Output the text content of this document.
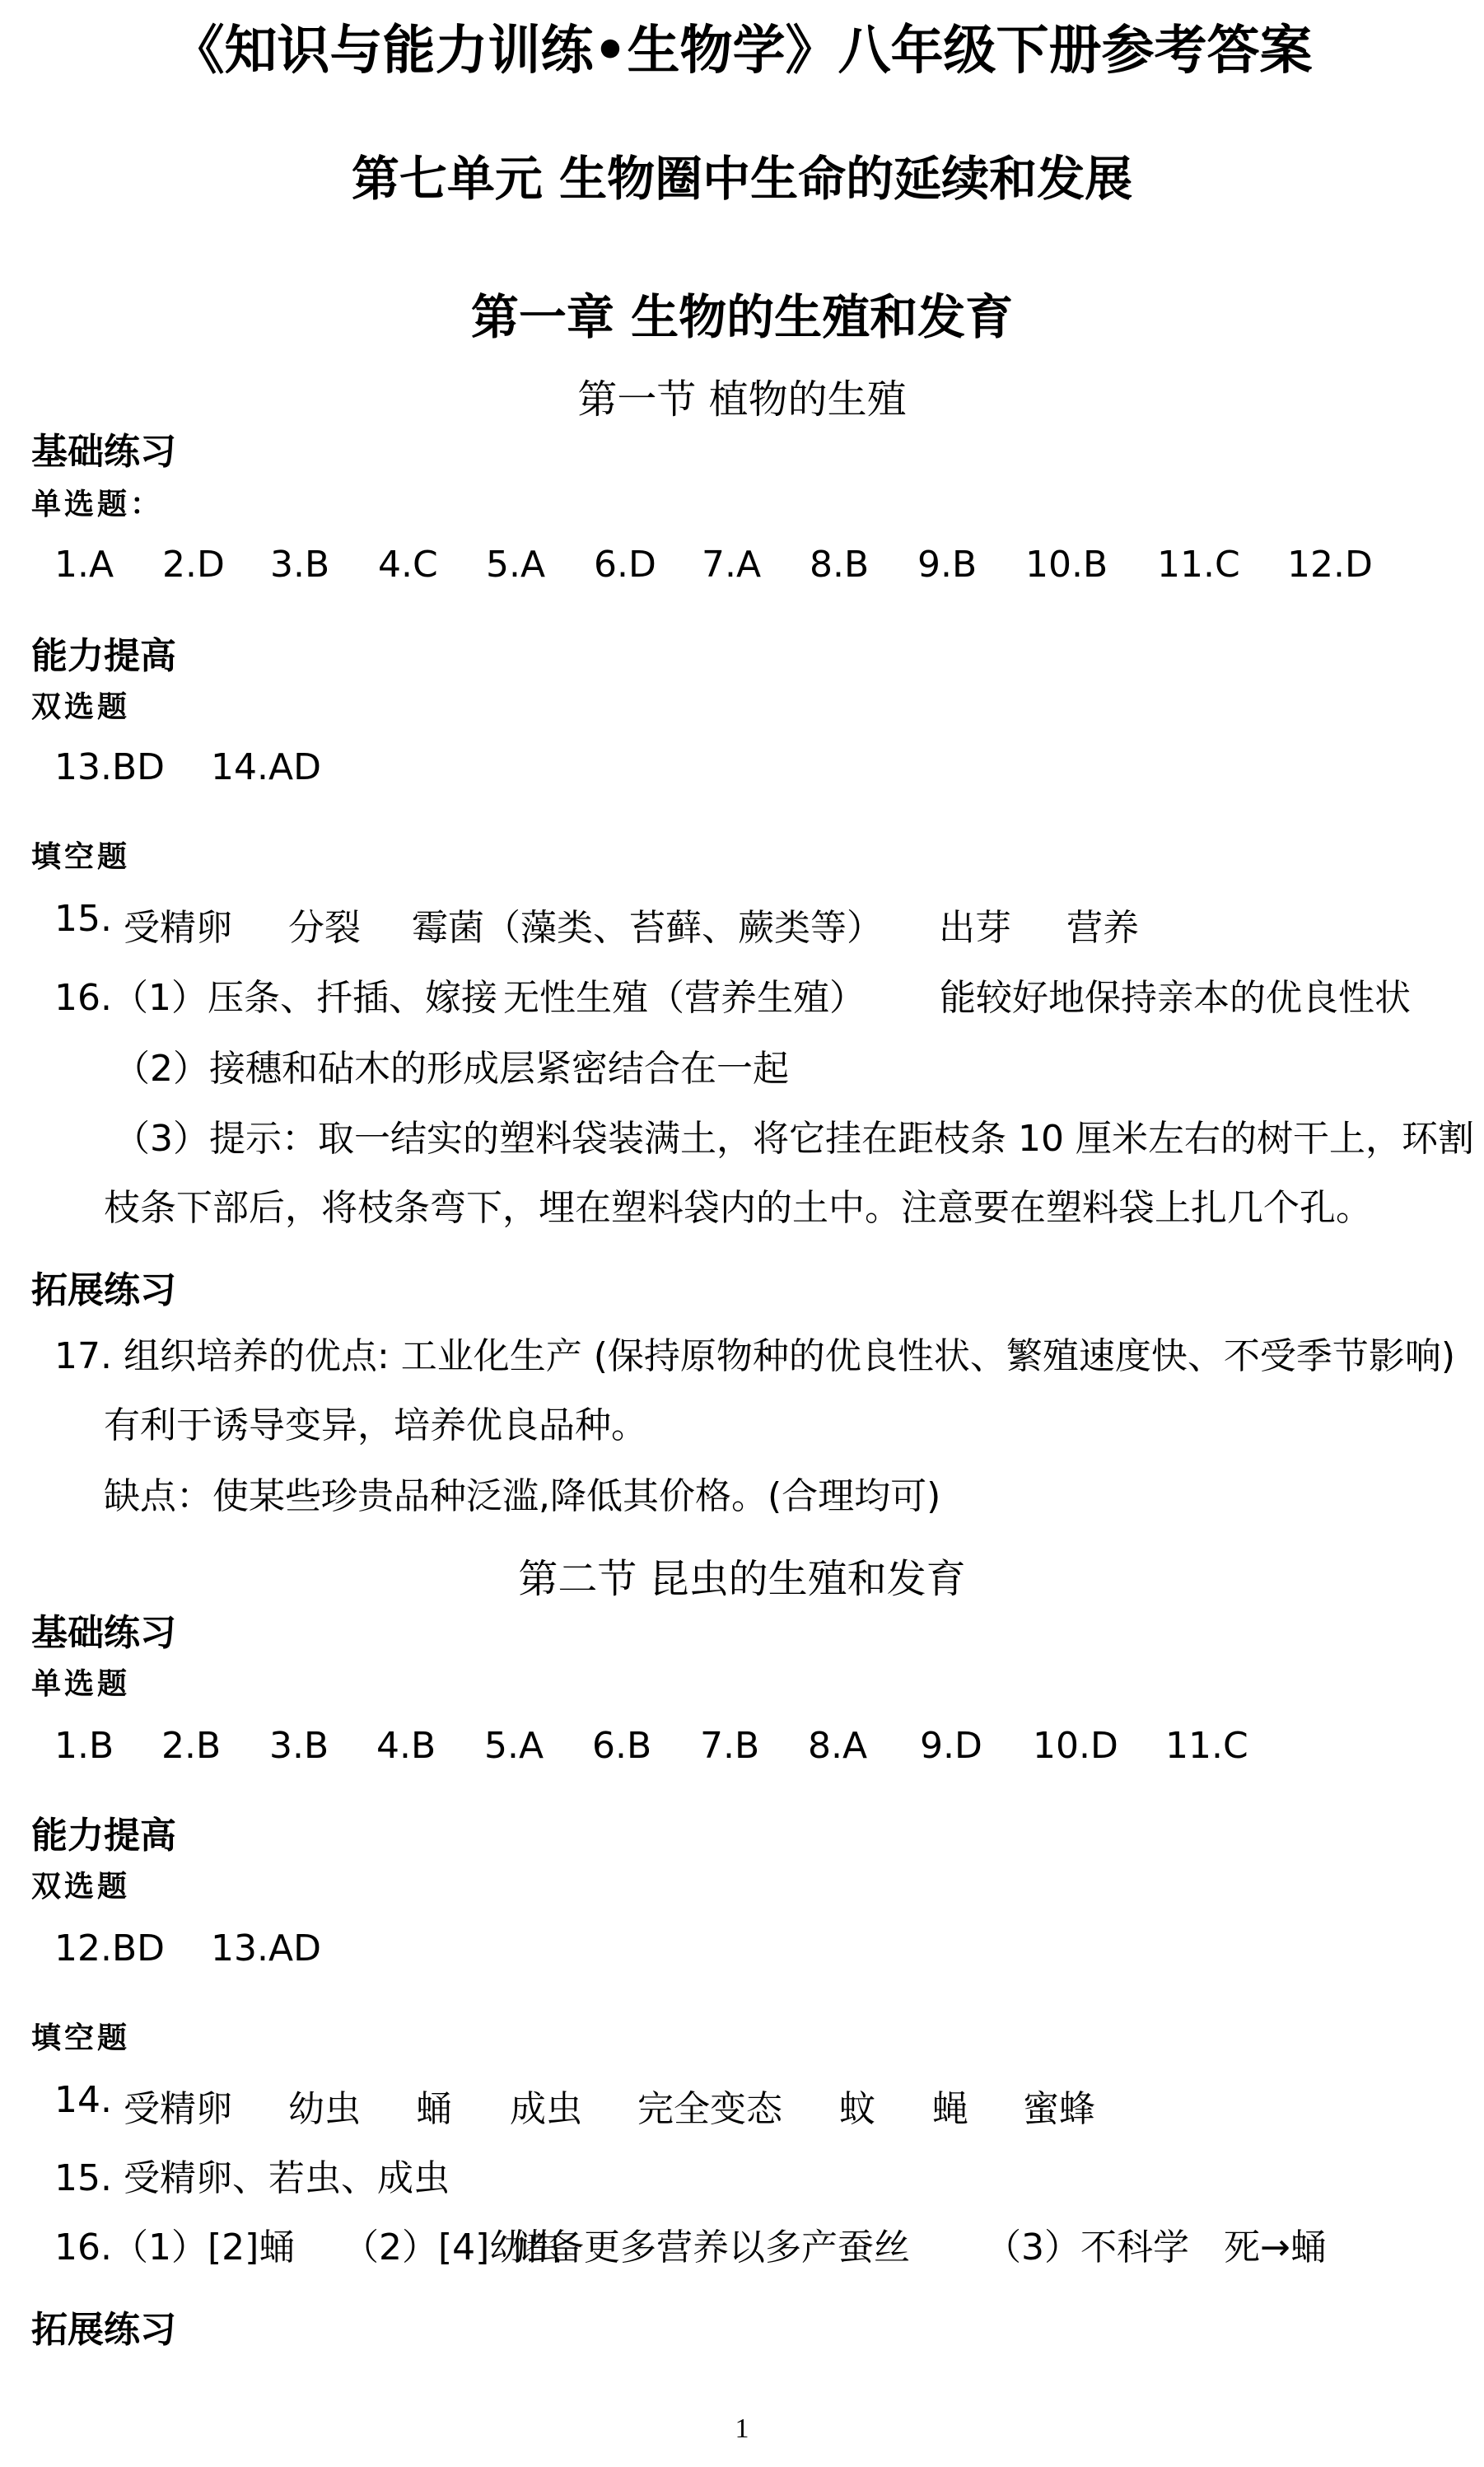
《知识与能力训练•生物学》八年级下册参考答案
第七单元 生物圈中生命的延续和发展
第一章 生物的生殖和发育
第一节 植物的生殖
基础练习
单选题：
1.A	2.D	3.B	4.C	5.A	6.D	7.A	8.B	9.B	10.B	11.C	12.D
能力提高
双选题
13.BD	14.AD
填空题
15. 受精卵	分裂	霉菌（藻类、苔藓、蕨类等）	出芽	营养
16.（1）压条、扦插、嫁接 无性生殖（营养生殖）	能较好地保持亲本的优良性状
（2）接穗和砧木的形成层紧密结合在一起
（3）提示：取一结实的塑料袋装满土，将它挂在距枝条 10 厘米左右的树干上，环割
枝条下部后，将枝条弯下，埋在塑料袋内的土中。注意要在塑料袋上扎几个孔。
拓展练习
17. 组织培养的优点: 工业化生产 (保持原物种的优良性状、繁殖速度快、不受季节影响)
有利于诱导变异，培养优良品种。
缺点：使某些珍贵品种泛滥,降低其价格。(合理均可)
第二节 昆虫的生殖和发育
基础练习
单选题
1.B	2.B	3.B	4.B	5.A	6.B	7.B	8.A	9.D	10.D	11.C
能力提高
双选题
12.BD	13.AD
填空题
14. 受精卵	幼虫	蛹	成虫	完全变态	蚊	蝇	蜜蜂
15. 受精卵、若虫、成虫
16.（1）[2]蛹	（2）[4]幼虫
储备更多营养以多产蚕丝	（3）不科学 死→蛹
拓展练习
1
